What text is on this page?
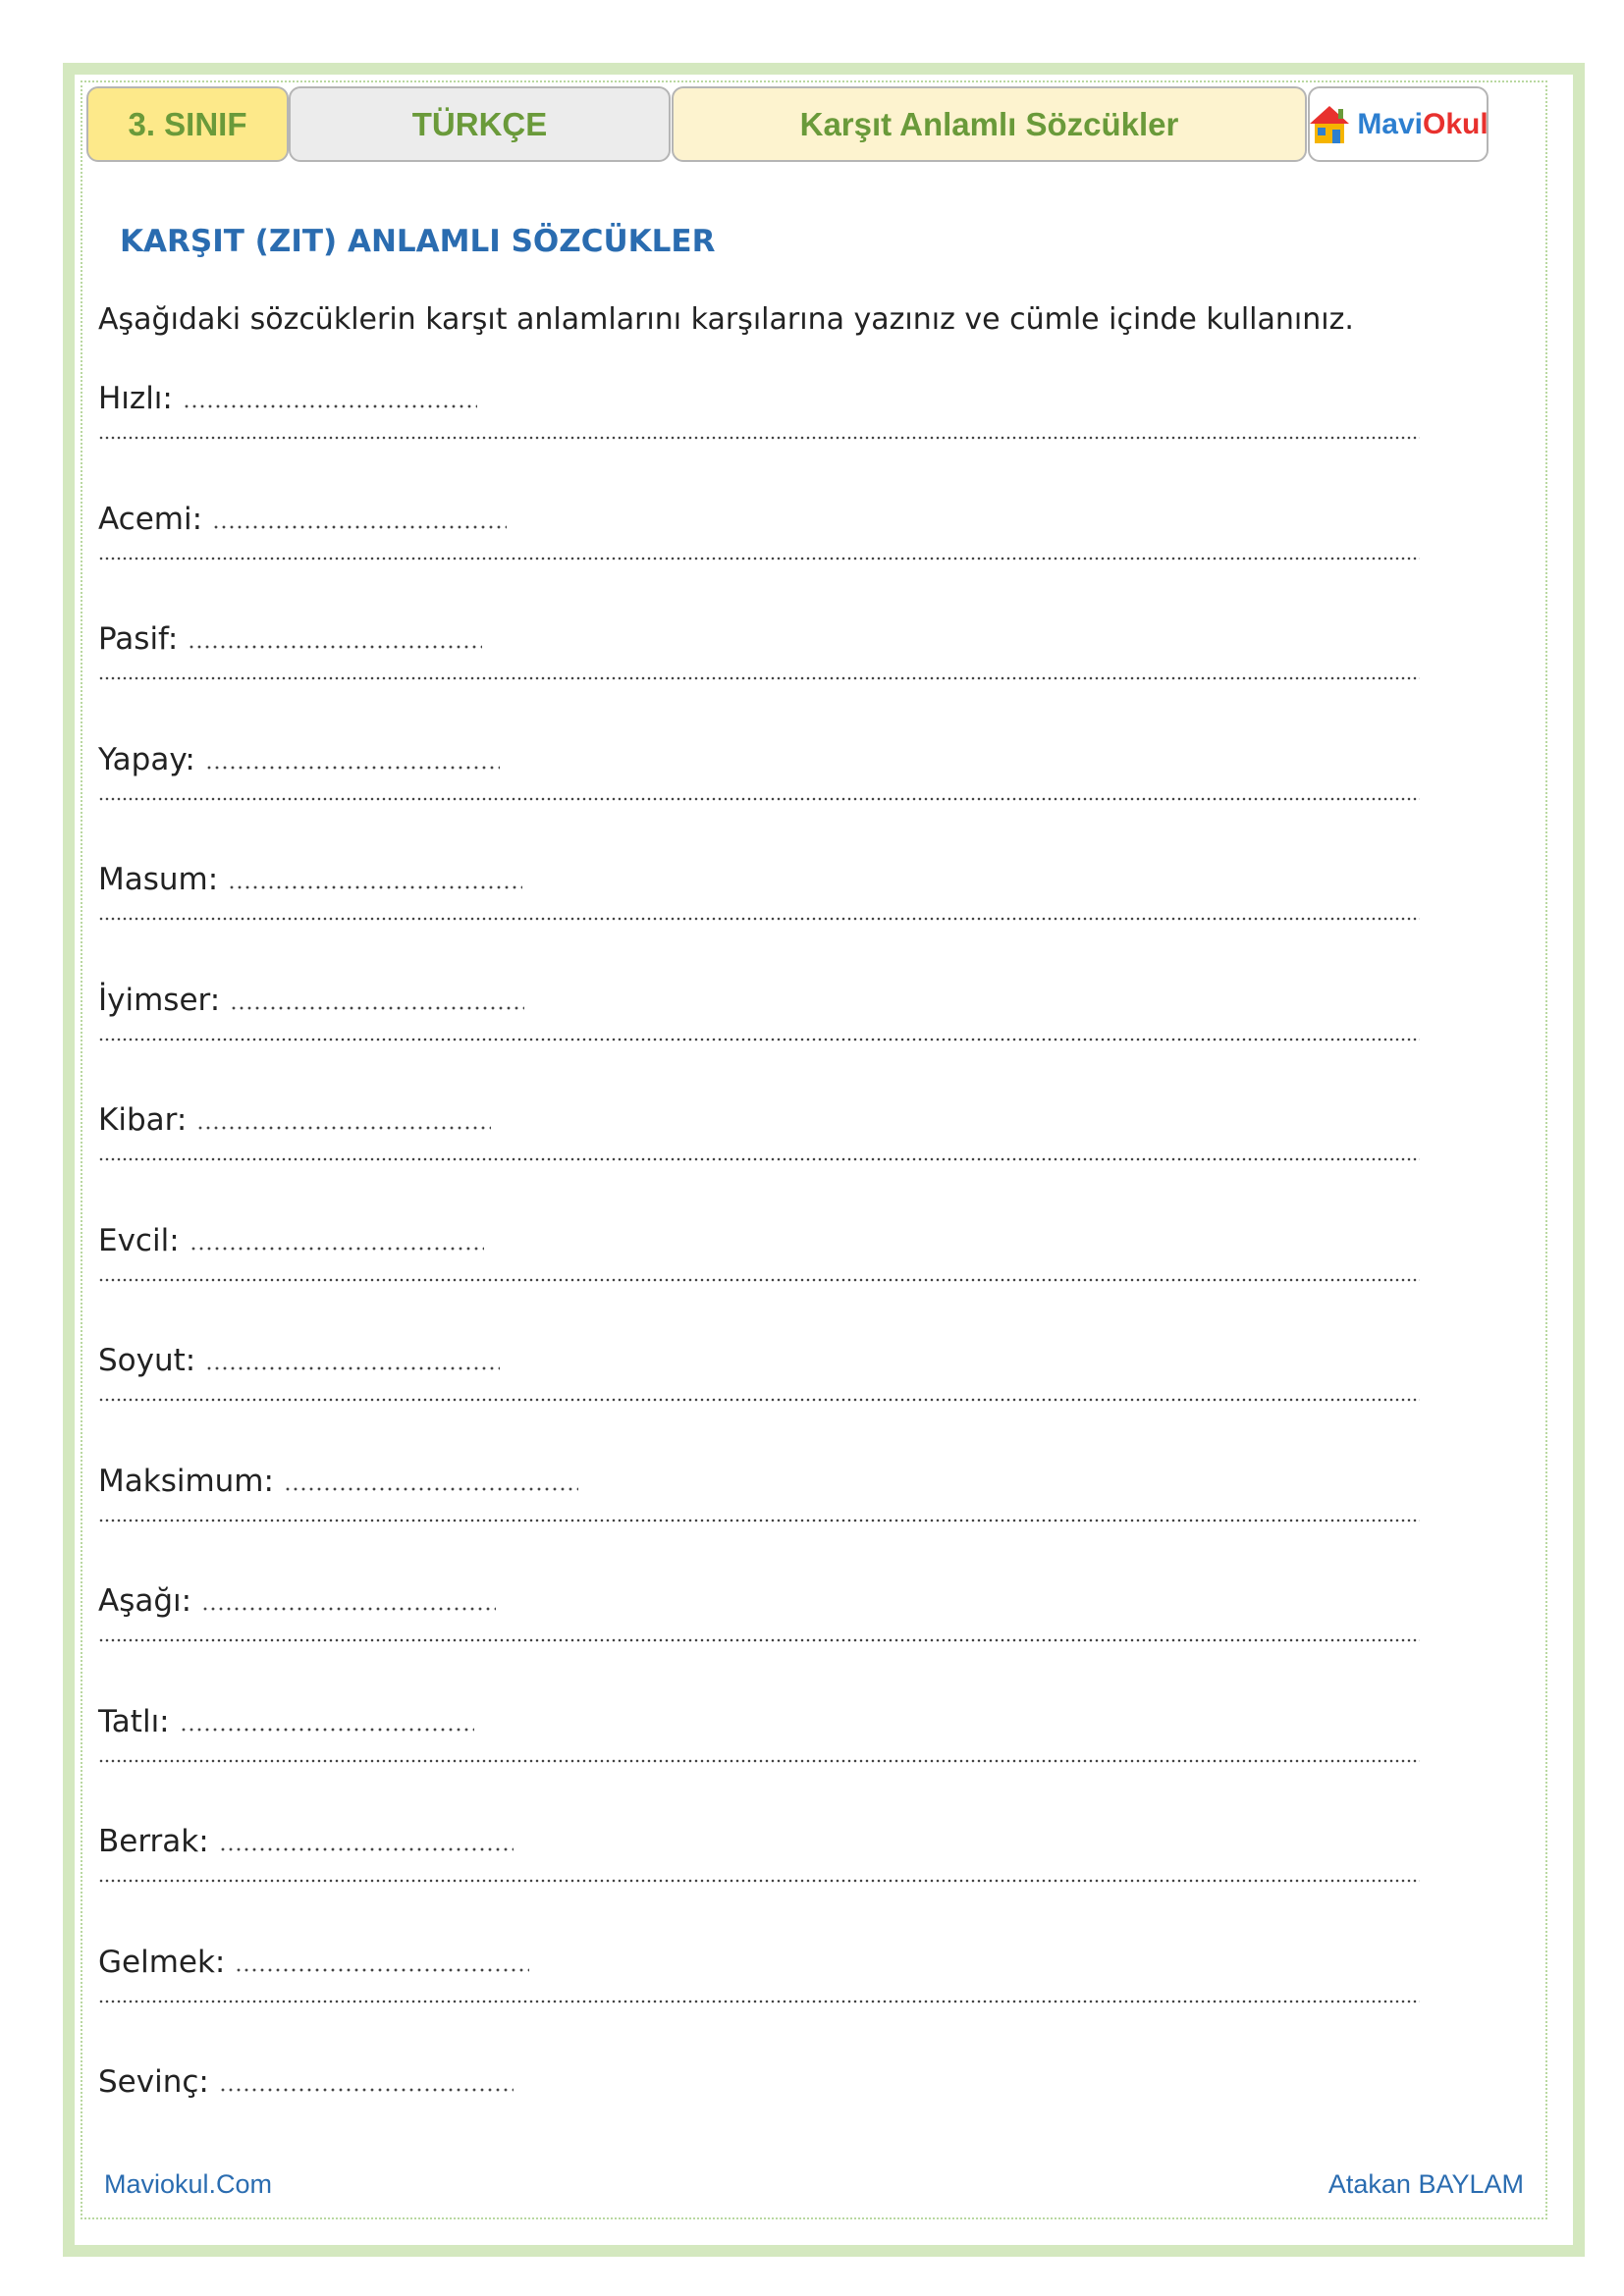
3. SINIF	TÜRKÇE	Karşıt Anlamlı Sözcükler	MaviOkul
KARŞIT (ZIT) ANLAMLI SÖZCÜKLER
Aşağıdaki sözcüklerin karşıt anlamlarını karşılarına yazınız ve cümle içinde kullanınız.
Hızlı:
Acemi:
Pasif:
Yapay:
Masum:
İyimser:
Kibar:
Evcil:
Soyut:
Maksimum:
Aşağı:
Tatlı:
Berrak:
Gelmek:
Sevinç:
Maviokul.Com	Atakan BAYLAM
